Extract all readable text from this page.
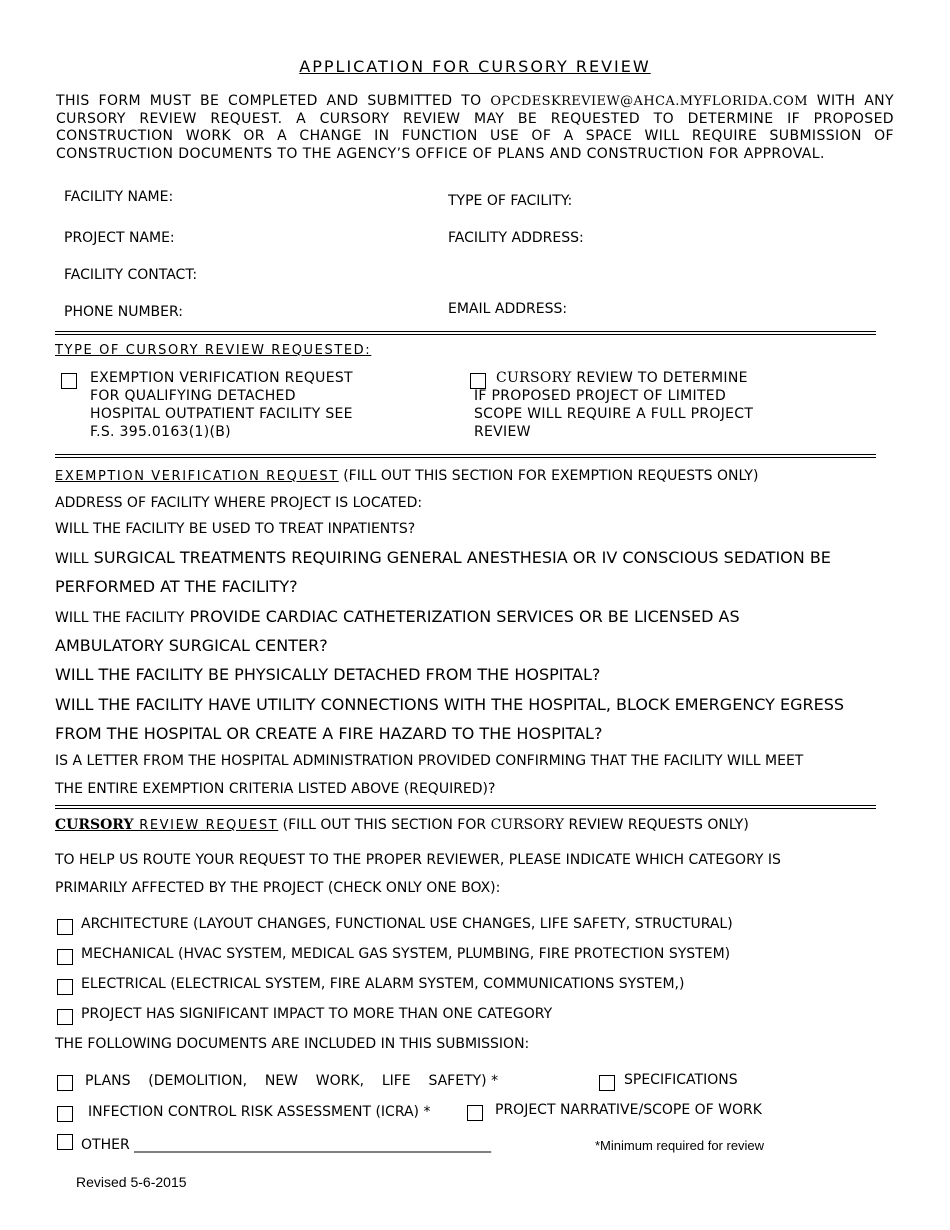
APPLICATION FOR CURSORY REVIEW
THIS FORM MUST BE COMPLETED AND SUBMITTED TO OPCDESKREVIEW@AHCA.MYFLORIDA.COM WITH ANY CURSORY REVIEW REQUEST. A CURSORY REVIEW MAY BE REQUESTED TO DETERMINE IF PROPOSED CONSTRUCTION WORK OR A CHANGE IN FUNCTION USE OF A SPACE WILL REQUIRE SUBMISSION OF CONSTRUCTION DOCUMENTS TO THE AGENCY’S OFFICE OF PLANS AND CONSTRUCTION FOR APPROVAL.
FACILITY NAME:	TYPE OF FACILITY:
PROJECT NAME:	FACILITY ADDRESS:
FACILITY CONTACT:
PHONE NUMBER:	EMAIL ADDRESS:
TYPE OF CURSORY REVIEW REQUESTED:
EXEMPTION VERIFICATION REQUEST
FOR QUALIFYING DETACHED
HOSPITAL OUTPATIENT FACILITY SEE
F.S. 395.0163(1)(B)
CURSORY REVIEW TO DETERMINE
IF PROPOSED PROJECT OF LIMITED
SCOPE WILL REQUIRE A FULL PROJECT
REVIEW
EXEMPTION VERIFICATION REQUEST (FILL OUT THIS SECTION FOR EXEMPTION REQUESTS ONLY)
ADDRESS OF FACILITY WHERE PROJECT IS LOCATED:
WILL THE FACILITY BE USED TO TREAT INPATIENTS?
WILL SURGICAL TREATMENTS REQUIRING GENERAL ANESTHESIA OR IV CONSCIOUS SEDATION BE
PERFORMED AT THE FACILITY?
WILL THE FACILITY PROVIDE CARDIAC CATHETERIZATION SERVICES OR BE LICENSED AS
AMBULATORY SURGICAL CENTER?
WILL THE FACILITY BE PHYSICALLY DETACHED FROM THE HOSPITAL?
WILL THE FACILITY HAVE UTILITY CONNECTIONS WITH THE HOSPITAL, BLOCK EMERGENCY EGRESS
FROM THE HOSPITAL OR CREATE A FIRE HAZARD TO THE HOSPITAL?
IS A LETTER FROM THE HOSPITAL ADMINISTRATION PROVIDED CONFIRMING THAT THE FACILITY WILL MEET
THE ENTIRE EXEMPTION CRITERIA LISTED ABOVE (REQUIRED)?
CURSORY REVIEW REQUEST (FILL OUT THIS SECTION FOR CURSORY REVIEW REQUESTS ONLY)
TO HELP US ROUTE YOUR REQUEST TO THE PROPER REVIEWER, PLEASE INDICATE WHICH CATEGORY IS
PRIMARILY AFFECTED BY THE PROJECT (CHECK ONLY ONE BOX):
ARCHITECTURE (LAYOUT CHANGES, FUNCTIONAL USE CHANGES, LIFE SAFETY, STRUCTURAL)
MECHANICAL (HVAC SYSTEM, MEDICAL GAS SYSTEM, PLUMBING, FIRE PROTECTION SYSTEM)
ELECTRICAL (ELECTRICAL SYSTEM, FIRE ALARM SYSTEM, COMMUNICATIONS SYSTEM,)
PROJECT HAS SIGNIFICANT IMPACT TO MORE THAN ONE CATEGORY
THE FOLLOWING DOCUMENTS ARE INCLUDED IN THIS SUBMISSION:
PLANS    (DEMOLITION,    NEW    WORK,    LIFE    SAFETY) *	SPECIFICATIONS
INFECTION CONTROL RISK ASSESSMENT (ICRA) *	PROJECT NARRATIVE/SCOPE OF WORK
OTHER ___________________________________________________	*Minimum required for review
Revised 5-6-2015
